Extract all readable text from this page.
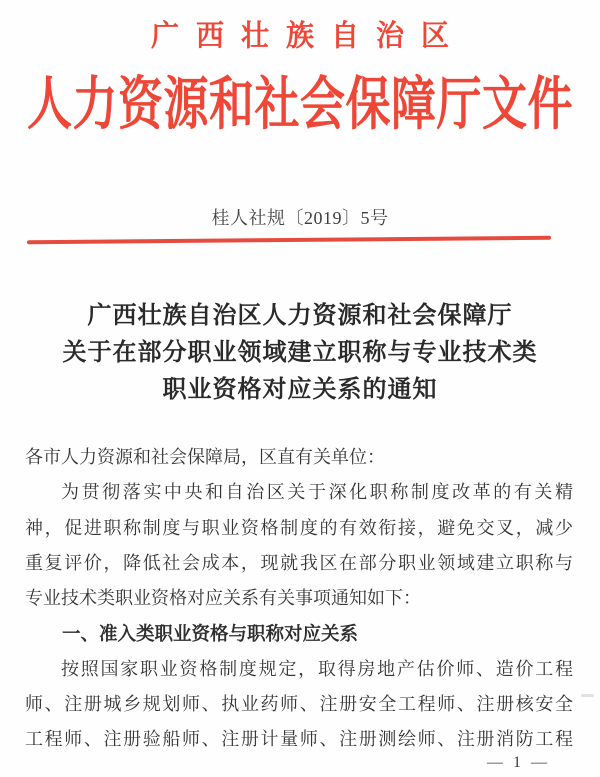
广西壮族自治区
人力资源和社会保障厅文件
桂人社规〔2019〕5号
广西壮族自治区人力资源和社会保障厅
关于在部分职业领域建立职称与专业技术类
职业资格对应关系的通知
各市人力资源和社会保障局，区直有关单位：
为贯彻落实中央和自治区关于深化职称制度改革的有关精
神，促进职称制度与职业资格制度的有效衔接，避免交叉，减少
重复评价，降低社会成本，现就我区在部分职业领域建立职称与
专业技术类职业资格对应关系有关事项通知如下：
一、准入类职业资格与职称对应关系
按照国家职业资格制度规定，取得房地产估价师、造价工程
师、注册城乡规划师、执业药师、注册安全工程师、注册核安全
工程师、注册验船师、注册计量师、注册测绘师、注册消防工程
— 1 —
